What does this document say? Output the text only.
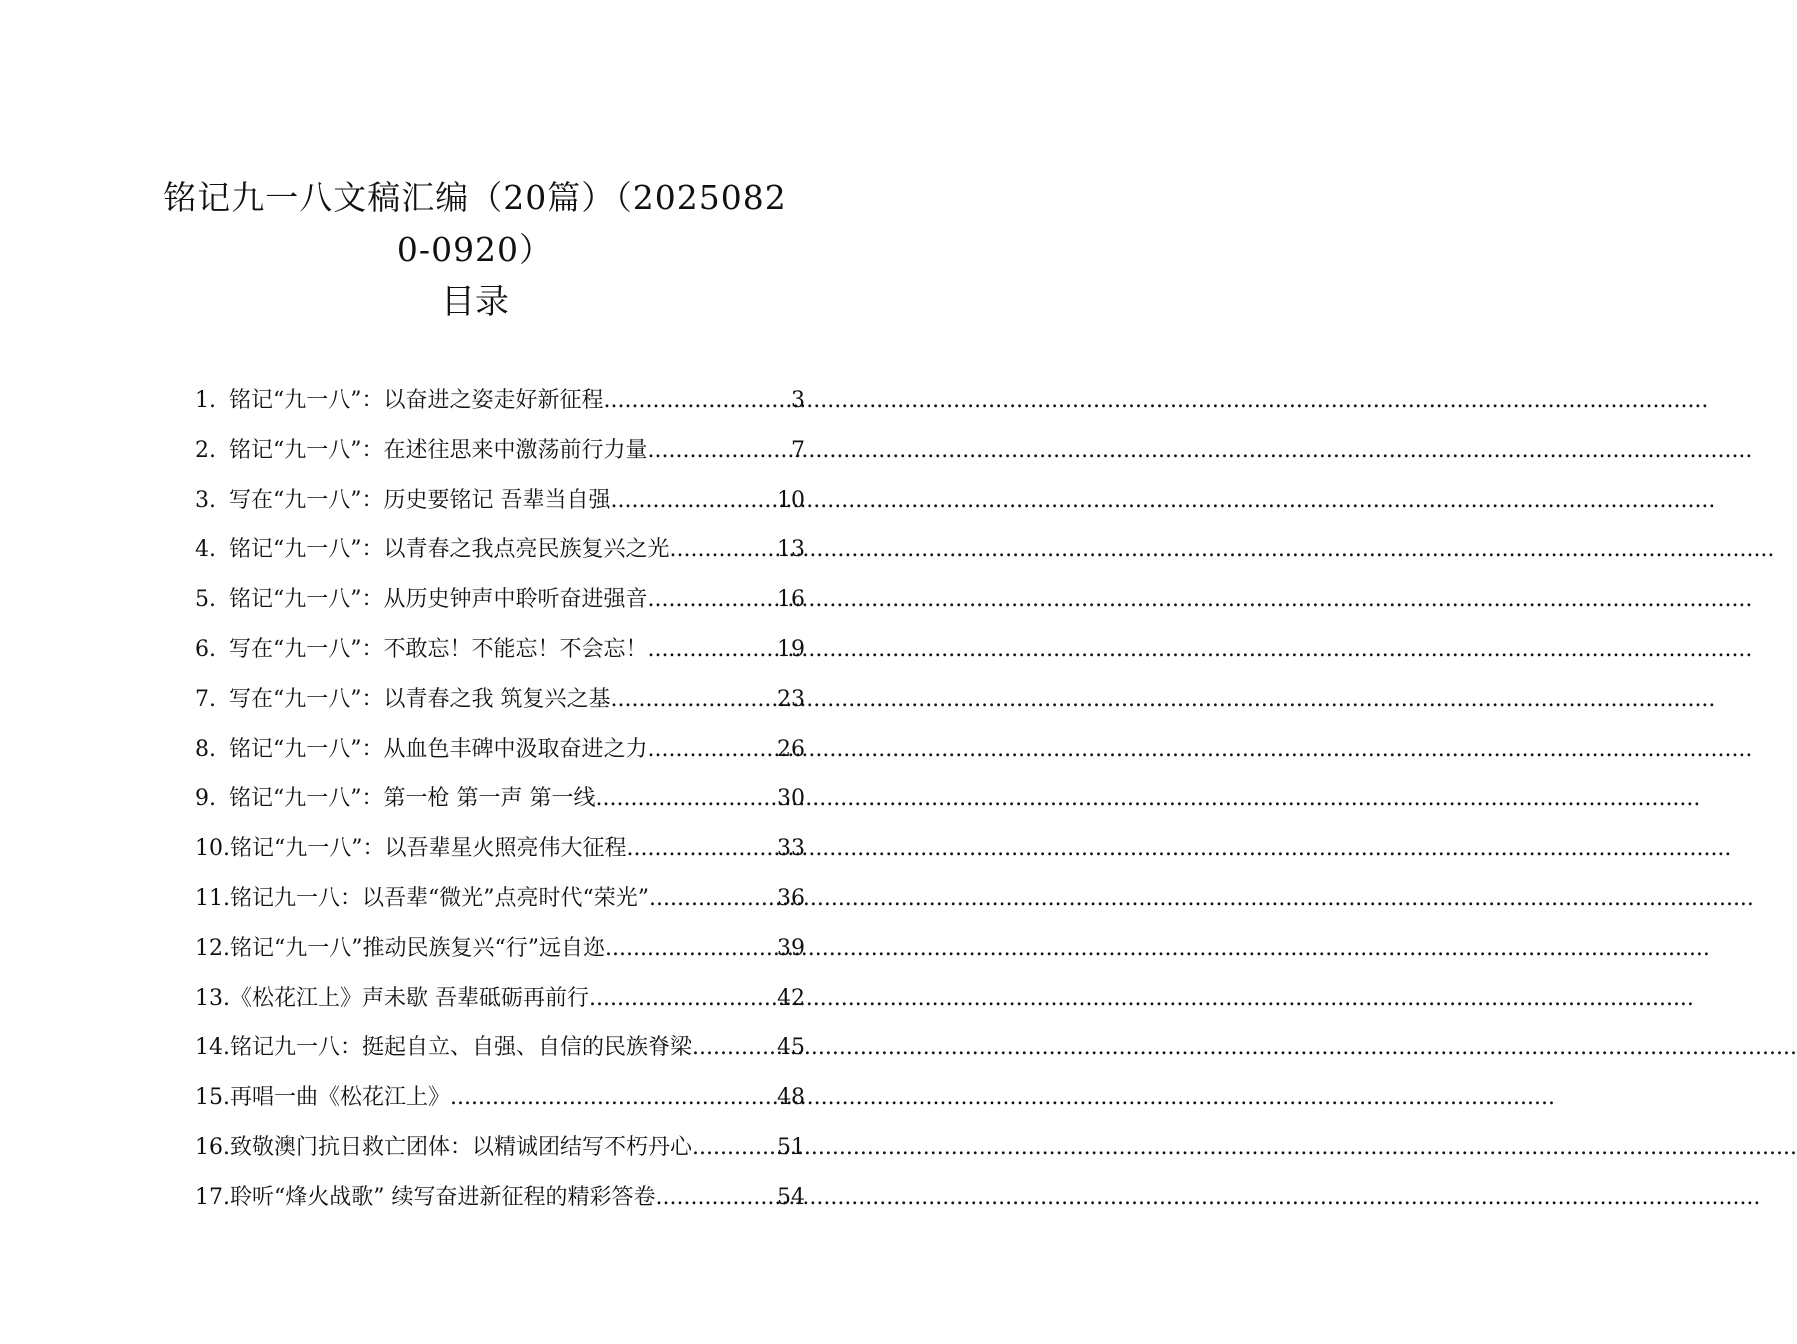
铭记九一八文稿汇编（20篇）（2025082
0-0920）
目录
1. 铭记“九一八”：以奋进之姿走好新征程 .....	3
2. 铭记“九一八”：在述往思来中激荡前行力量 .....	7
3. 写在“九一八”：历史要铭记 吾辈当自强 .....	10
4. 铭记“九一八”：以青春之我点亮民族复兴之光 .....	13
5. 铭记“九一八”：从历史钟声中聆听奋进强音 .....	16
6. 写在“九一八”：不敢忘！不能忘！不会忘！ .....	19
7. 写在“九一八”：以青春之我 筑复兴之基 .....	23
8. 铭记“九一八”：从血色丰碑中汲取奋进之力 .....	26
9. 铭记“九一八”：第一枪 第一声 第一线 .....	30
10. 铭记“九一八”：以吾辈星火照亮伟大征程 .....	33
11. 铭记九一八：以吾辈“微光”点亮时代“荣光” .....	36
12. 铭记“九一八”推动民族复兴“行”远自迩 .....	39
13. 《松花江上》声未歇 吾辈砥砺再前行 .....	42
14. 铭记九一八：挺起自立、自强、自信的民族脊梁 .....	45
15. 再唱一曲《松花江上》 .....	48
16. 致敬澳门抗日救亡团体：以精诚团结写不朽丹心 .....	51
17. 聆听“烽火战歌” 续写奋进新征程的精彩答卷 .....	54
